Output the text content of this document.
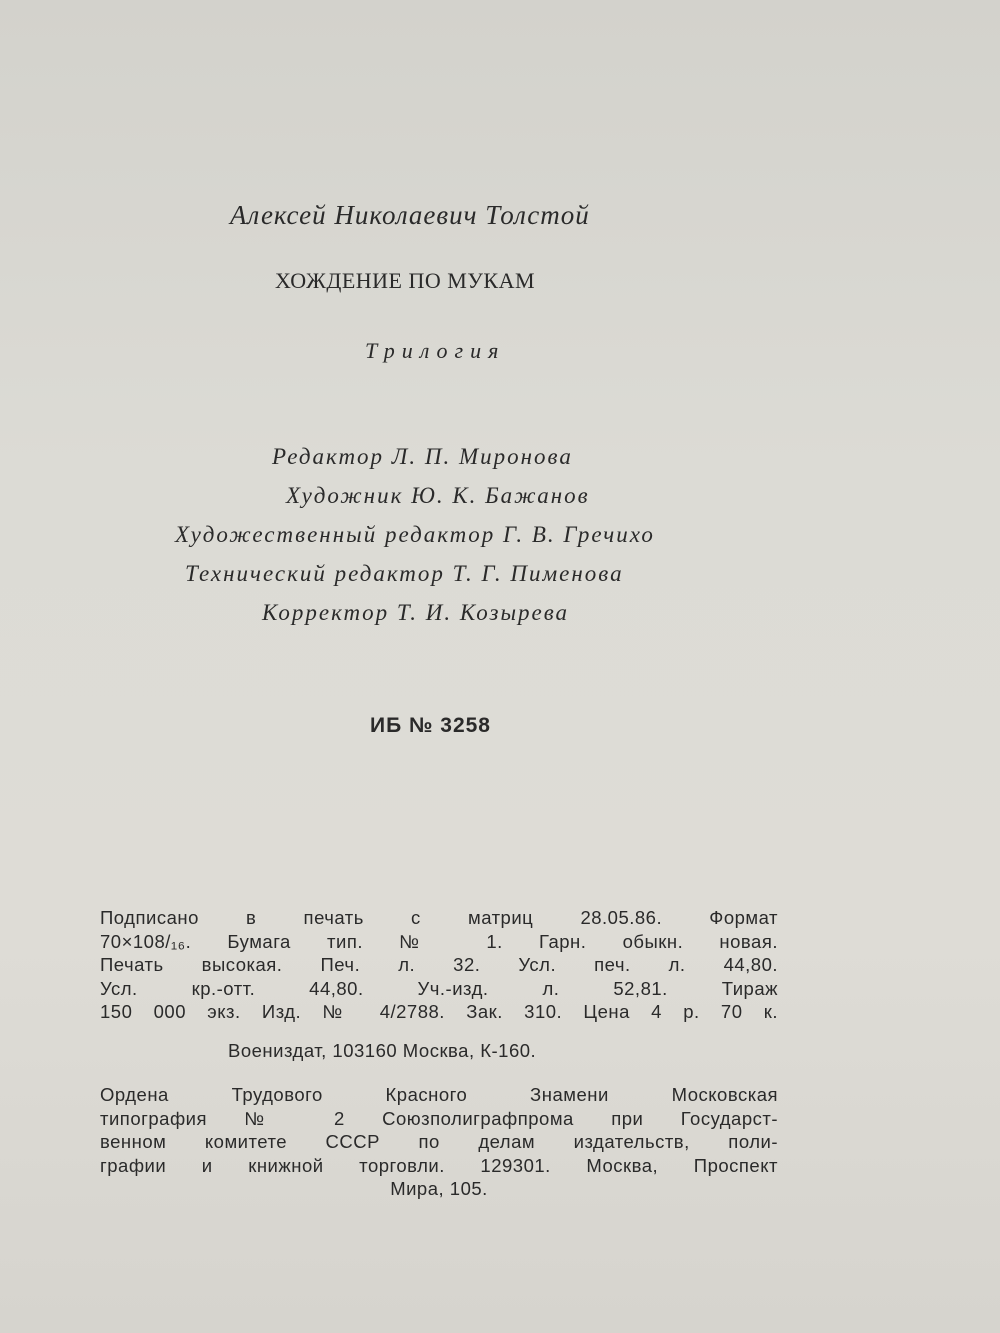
Алексей Николаевич Толстой
ХОЖДЕНИЕ ПО МУКАМ
Трилогия
Редактор Л. П. Миронова
Художник Ю. К. Бажанов
Художественный редактор Г. В. Гречихо
Технический редактор Т. Г. Пименова
Корректор Т. И. Козырева
ИБ № 3258
Подписано в печать с матриц 28.05.86. Формат
70×108/₁₆. Бумага тип. № 1. Гарн. обыкн. новая.
Печать высокая. Печ. л. 32. Усл. печ. л. 44,80.
Усл. кр.-отт. 44,80. Уч.-изд. л. 52,81. Тираж
150 000 экз. Изд. № 4/2788. Зак. 310. Цена 4 р. 70 к.
Воениздат, 103160 Москва, К-160.
Ордена Трудового Красного Знамени Московская
типография № 2 Союзполиграфпрома при Государст-
венном комитете СССР по делам издательств, поли-
графии и книжной торговли. 129301. Москва, Проспект
Мира, 105.
